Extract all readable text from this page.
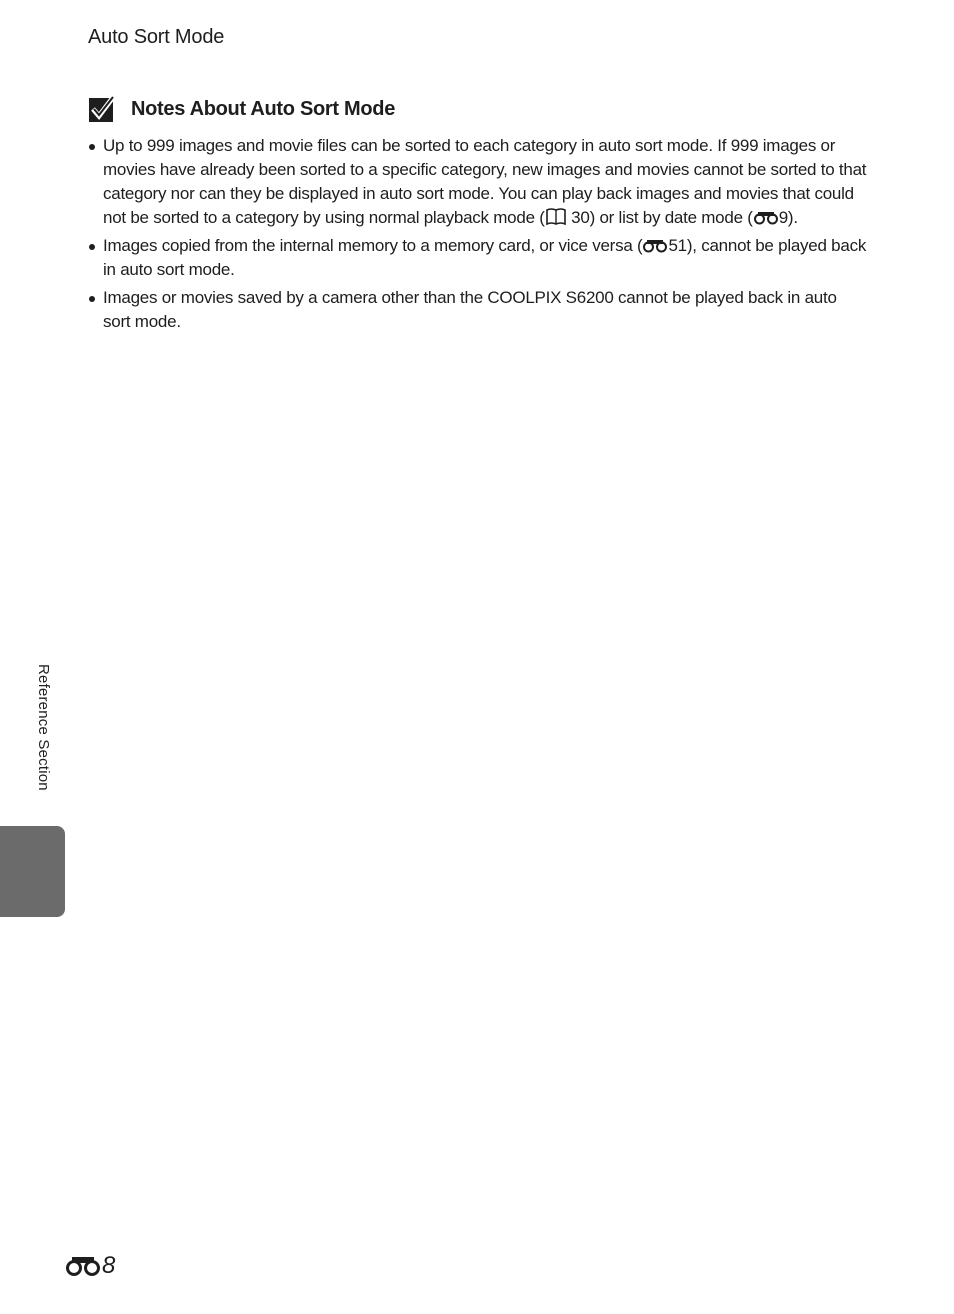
Auto Sort Mode
Notes About Auto Sort Mode
Up to 999 images and movie files can be sorted to each category in auto sort mode. If 999 images or movies have already been sorted to a specific category, new images and movies cannot be sorted to that category nor can they be displayed in auto sort mode. You can play back images and movies that could not be sorted to a category by using normal playback mode ( 30) or list by date mode ( 9).
Images copied from the internal memory to a memory card, or vice versa ( 51), cannot be played back in auto sort mode.
Images or movies saved by a camera other than the COOLPIX S6200 cannot be played back in auto sort mode.
Reference Section
8
